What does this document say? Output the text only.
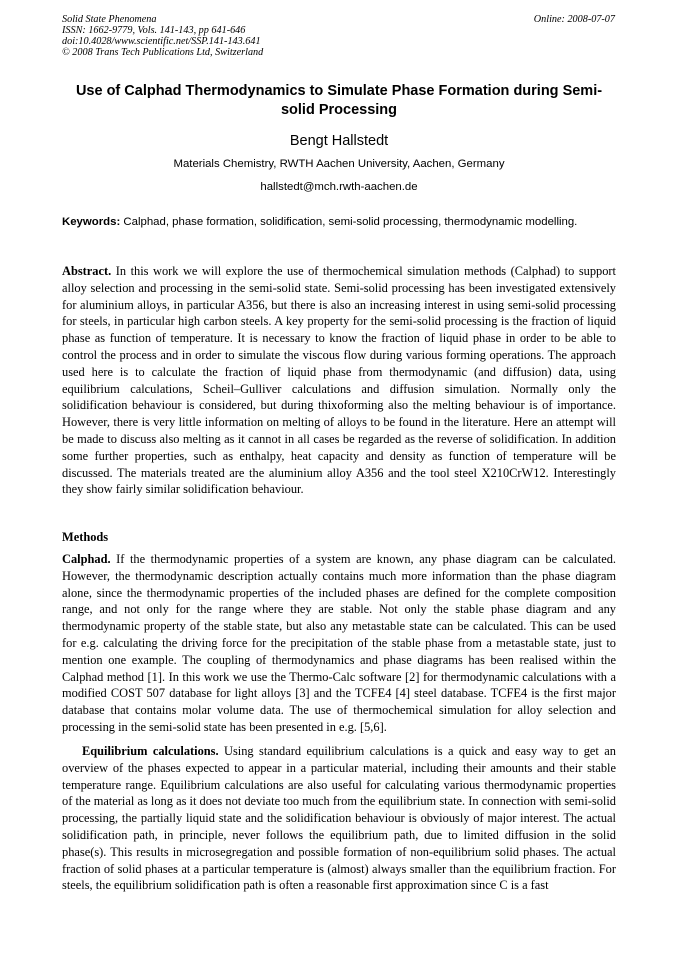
Solid State Phenomena
ISSN: 1662-9779, Vols. 141-143, pp 641-646
doi:10.4028/www.scientific.net/SSP.141-143.641
© 2008 Trans Tech Publications Ltd, Switzerland
Online: 2008-07-07
Use of Calphad Thermodynamics to Simulate Phase Formation during Semi-solid Processing
Bengt Hallstedt
Materials Chemistry, RWTH Aachen University, Aachen, Germany
hallstedt@mch.rwth-aachen.de
Keywords: Calphad, phase formation, solidification, semi-solid processing, thermodynamic modelling.
Abstract. In this work we will explore the use of thermochemical simulation methods (Calphad) to support alloy selection and processing in the semi-solid state. Semi-solid processing has been investigated extensively for aluminium alloys, in particular A356, but there is also an increasing interest in using semi-solid processing for steels, in particular high carbon steels. A key property for the semi-solid processing is the fraction of liquid phase as function of temperature. It is necessary to know the fraction of liquid phase in order to be able to control the process and in order to simulate the viscous flow during various forming operations. The approach used here is to calculate the fraction of liquid phase from thermodynamic (and diffusion) data, using equilibrium calculations, Scheil–Gulliver calculations and diffusion simulation. Normally only the solidification behaviour is considered, but during thixoforming also the melting behaviour is of importance. However, there is very little information on melting of alloys to be found in the literature. Here an attempt will be made to discuss also melting as it cannot in all cases be regarded as the reverse of solidification. In addition some further properties, such as enthalpy, heat capacity and density as function of temperature will be discussed. The materials treated are the aluminium alloy A356 and the tool steel X210CrW12. Interestingly they show fairly similar solidification behaviour.
Methods
Calphad. If the thermodynamic properties of a system are known, any phase diagram can be calculated. However, the thermodynamic description actually contains much more information than the phase diagram alone, since the thermodynamic properties of the included phases are defined for the complete composition range, and not only for the range where they are stable. Not only the stable phase diagram and any thermodynamic property of the stable state, but also any metastable state can be calculated. This can be used for e.g. calculating the driving force for the precipitation of the stable phase from a metastable state, just to mention one example. The coupling of thermodynamics and phase diagrams has been realised within the Calphad method [1]. In this work we use the Thermo-Calc software [2] for thermodynamic calculations with a modified COST 507 database for light alloys [3] and the TCFE4 [4] steel database. TCFE4 is the first major database that contains molar volume data. The use of thermochemical simulation for alloy selection and processing in the semi-solid state has been presented in e.g. [5,6].
Equilibrium calculations. Using standard equilibrium calculations is a quick and easy way to get an overview of the phases expected to appear in a particular material, including their amounts and their stable temperature range. Equilibrium calculations are also useful for calculating various thermodynamic properties of the material as long as it does not deviate too much from the equilibrium state. In connection with semi-solid processing, the partially liquid state and the solidification behaviour is obviously of major interest. The actual solidification path, in principle, never follows the equilibrium path, due to limited diffusion in the solid phase(s). This results in microsegregation and possible formation of non-equilibrium solid phases. The actual fraction of solid phases at a particular temperature is (almost) always smaller than the equilibrium fraction. For steels, the equilibrium solidification path is often a reasonable first approximation since C is a fast
